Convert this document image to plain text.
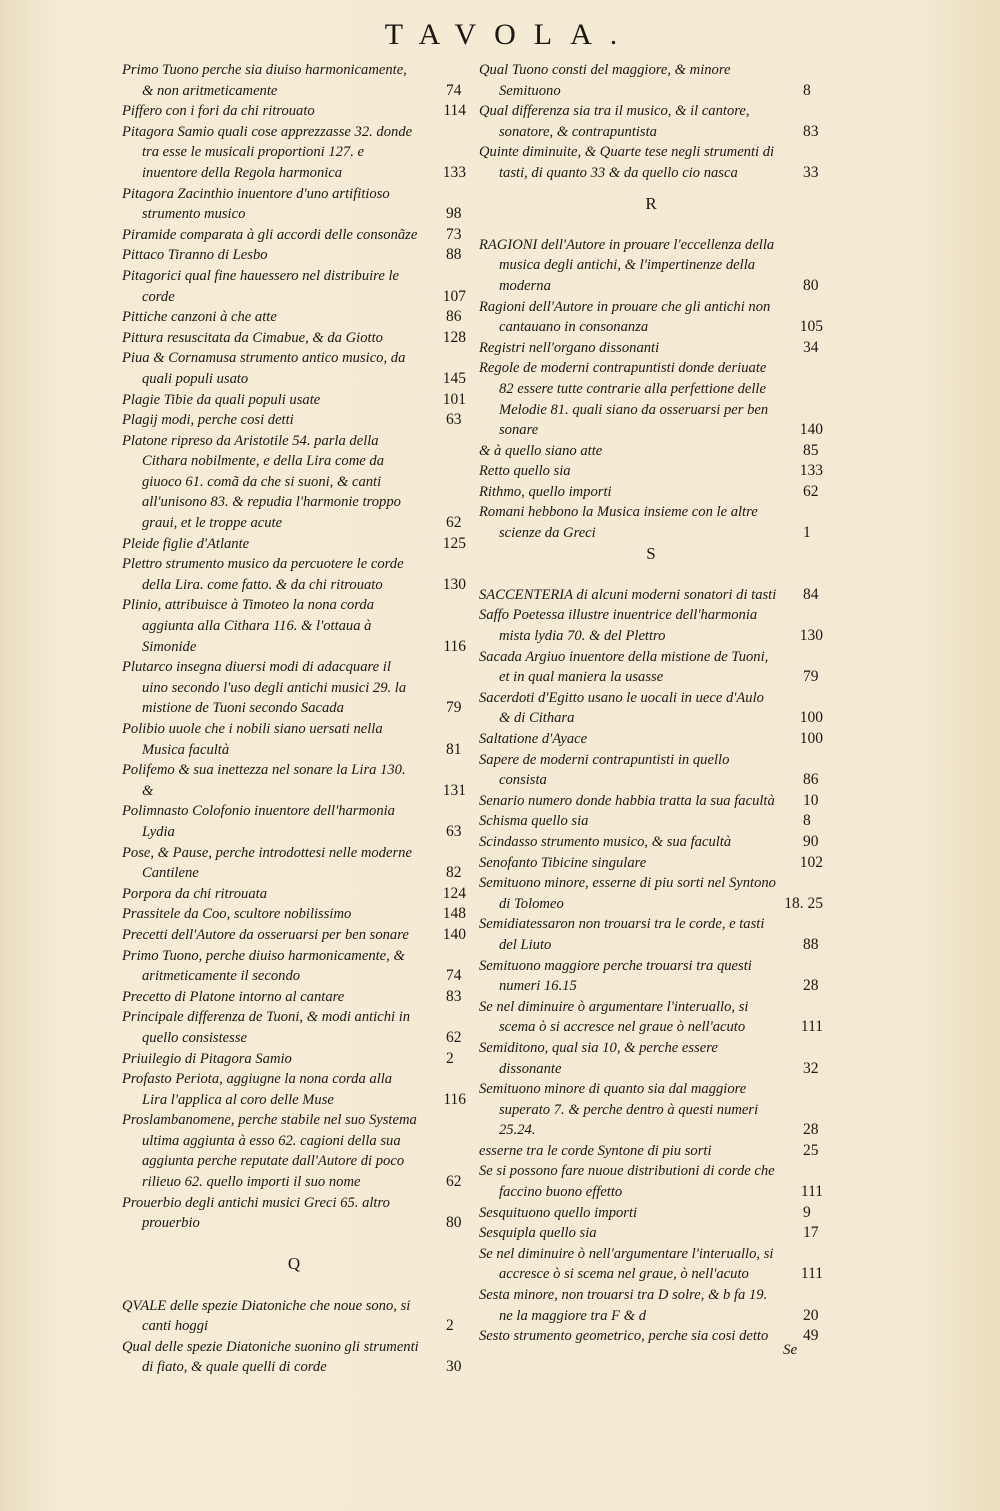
TAVOLA.
Primo Tuono perche sia diuiso harmonicamente, & non aritmeticamente	74
Piffero con i fori da chi ritrouato	114
Pitagora Samio quali cose apprezzasse 32. donde tra esse le musicali proportioni 127. e inuentore della Regola harmonica	133
Pitagora Zacinthio inuentore d'uno artifitioso strumento musico	98
Piramide comparata à gli accordi delle consonãze 73
Pittaco Tiranno di Lesbo	88
Pitagorici qual fine hauessero nel distribuire le corde	107
Pittiche canzoni à che atte	86
Pittura resuscitata da Cimabue, & da Giotto	128
Piua & Cornamusa strumento antico musico, da quali populi usato	145
Plagie Tibie da quali populi usate	101
Plagij modi, perche cosi detti	63
Platone ripreso da Aristotile 54. parla della Cithara nobilmente, e della Lira come da giuoco 61. comã da che si suoni, & canti all'unisono 83. & repudia l'harmonie troppo graui, et le troppe acute	62
Pleide figlie d'Atlante	125
Plettro strumento musico da percuotere le corde della Lira. come fatto. & da chi ritrouato	130
Plinio, attribuisce à Timoteo la nona corda aggiunta alla Cithara 116. & l'ottaua à Simonide	116
Plutarco insegna diuersi modi di adacquare il uino secondo l'uso degli antichi musici 29. la mistione de Tuoni secondo Sacada	79
Polibio uuole che i nobili siano uersati nella Musica facultà	81
Polifemo & sua inettezza nel sonare la Lira 130. &	131
Polimnasto Colofonio inuentore dell'harmonia Lydia	63
Pose, & Pause, perche introdottesi nelle moderne Cantilene	82
Porpora da chi ritrouata	124
Prassitele da Coo, scultore nobilissimo	148
Precetti dell'Autore da osseruarsi per ben sonare 140
Primo Tuono, perche diuiso harmonicamente, & aritmeticamente il secondo	74
Precetto di Platone intorno al cantare	83
Principale differenza de Tuoni, & modi antichi in quello consistesse	62
Priuilegio di Pitagora Samio	2
Profasto Periota, aggiugne la nona corda alla Lira l'applica al coro delle Muse	116
Proslambanomene, perche stabile nel suo Systema ultima aggiunta à esso 62. cagioni della sua aggiunta perche reputate dall'Autore di poco rilieuo 62. quello importi il suo nome	62
Prouerbio degli antichi musici Greci 65. altro prouerbio	80
Q
QVALE delle spezie Diatoniche che noue sono, si canti hoggi	2
Qual delle spezie Diatoniche suonino gli strumenti di fiato, & quale quelli di corde	30
Qual Tuono consti del maggiore, & minore Semituono	8
Qual differenza sia tra il musico, & il cantore, sonatore, & contrapuntista	83
Quinte diminuite, & Quarte tese negli strumenti di tasti, di quanto 33 & da quello cio nasca	33
R
RAGIONI dell'Autore in prouare l'eccellenza della musica degli antichi, & l'impertinenze della moderna	80
Ragioni dell'Autore in prouare che gli antichi non cantauano in consonanza	105
Registri nell'organo dissonanti	34
Regole de moderni contrapuntisti donde deriuate 82 essere tutte contrarie alla perfettione delle Melodie 81. quali siano da osseruarsi per ben sonare	140
& à quello siano atte	85
Retto quello sia	133
Rithmo, quello importi	62
Romani hebbono la Musica insieme con le altre scienze da Greci	1
S
SACCENTERIA di alcuni moderni sonatori di tasti 84
Saffo Poetessa illustre inuentrice dell'harmonia mista lydia 70. & del Plettro	130
Sacada Argiuo inuentore della mistione de Tuoni, et in qual maniera la usasse	79
Sacerdoti d'Egitto usano le uocali in uece d'Aulo & di Cithara	100
Saltatione d'Ayace	100
Sapere de moderni contrapuntisti in quello consista	86
Senario numero donde habbia tratta la sua facultà 10
Schisma quello sia	8
Scindasso strumento musico, & sua facultà	90
Senofanto Tibicine singulare	102
Semituono minore, esserne di piu sorti nel Syntono di Tolomeo	18. 25
Semidiatessaron non trouarsi tra le corde, e tasti del Liuto	88
Semituono maggiore perche trouarsi tra questi numeri 16.15	28
Se nel diminuire ò argumentare l'interuallo, si scema ò si accresce nel graue ò nell'acuto	111
Semiditono, qual sia 10, & perche essere dissonante	32
Semituono minore di quanto sia dal maggiore superato 7. & perche dentro à questi numeri 25.24.	28
esserne tra le corde Syntone di piu sorti	25
Se si possono fare nuoue distributioni di corde che faccino buono effetto	111
Sesquituono quello importi	9
Sesquipla quello sia	17
Se nel diminuire ò nell'argumentare l'interuallo, si accresce ò si scema nel graue, ò nell'acuto	111
Sesta minore, non trouarsi tra D solre, & b fa 19. ne la maggiore tra F & d	20
Sesto strumento geometrico, perche sia cosi detto 49
Se
